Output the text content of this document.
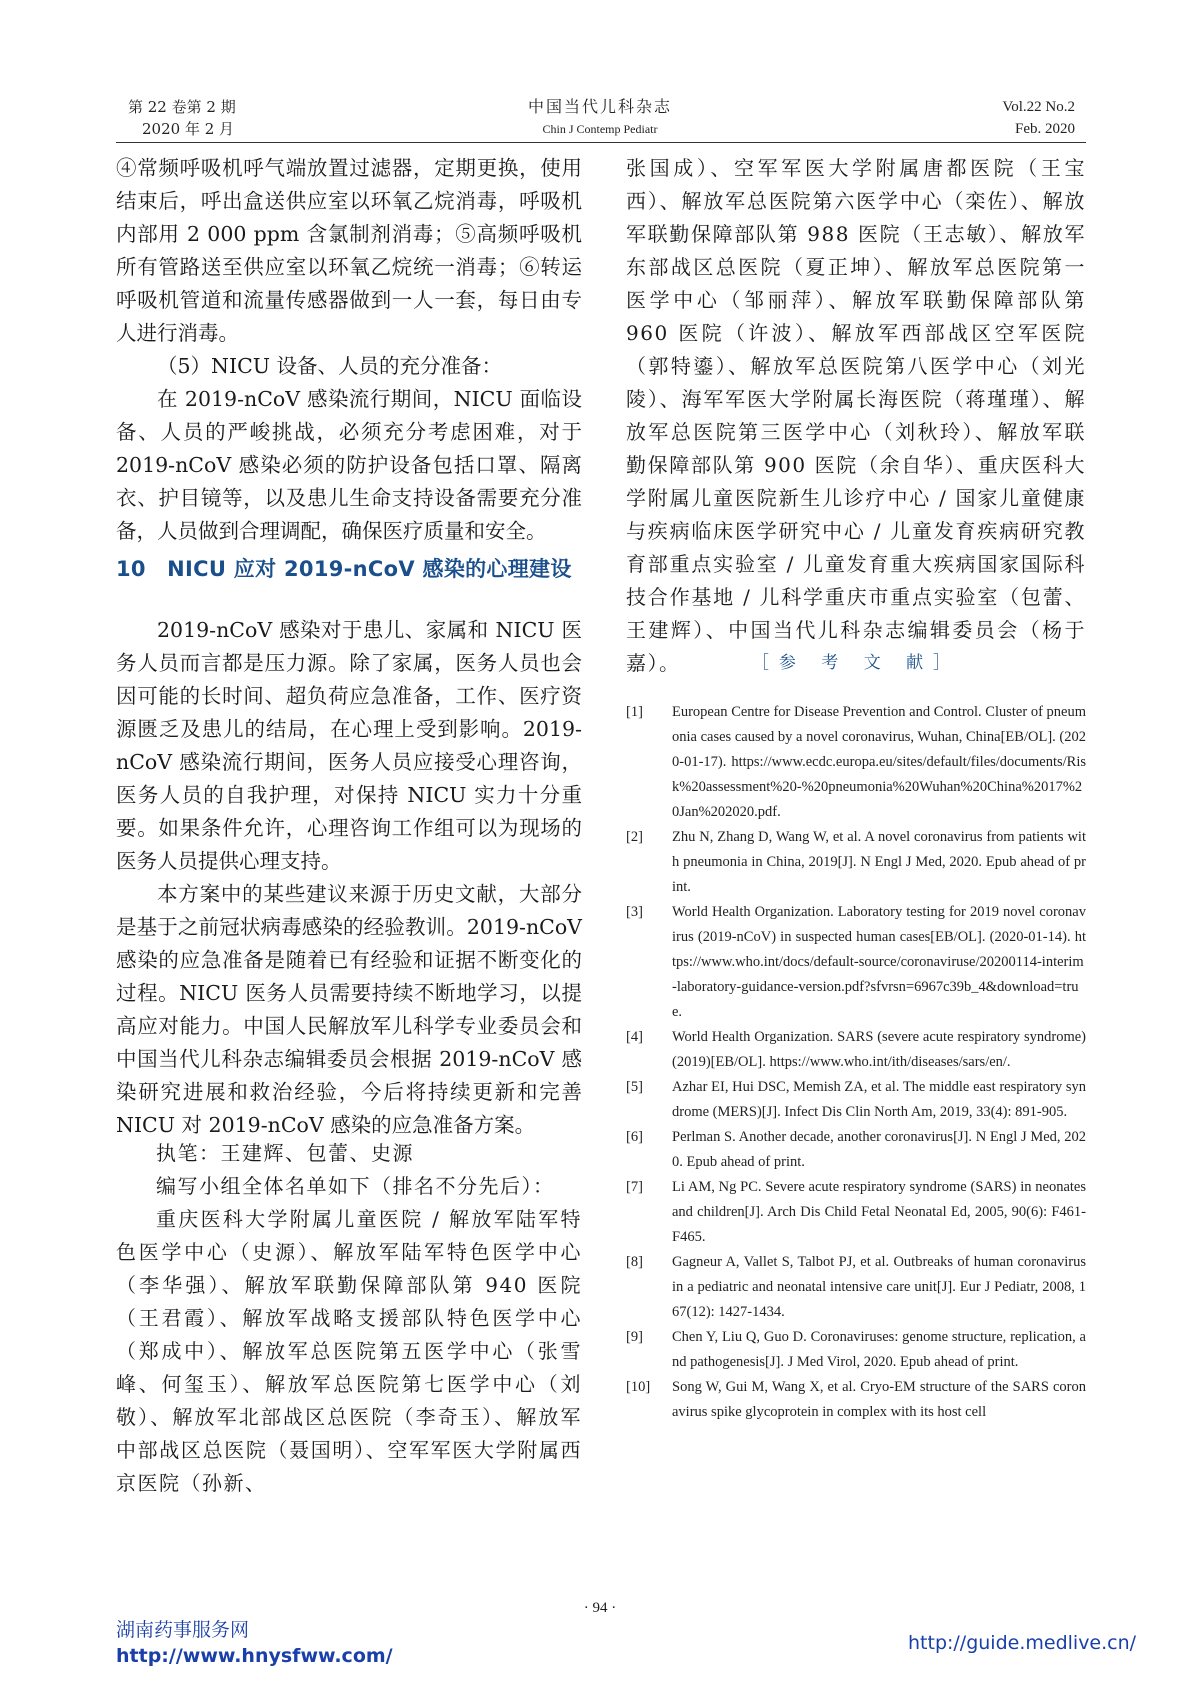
第 22 卷第 2 期
2020 年 2 月
中国当代儿科杂志
Chin J Contemp Pediatr
Vol.22 No.2
Feb. 2020

④常频呼吸机呼气端放置过滤器，定期更换，使用结束后，呼出盒送供应室以环氧乙烷消毒，呼吸机内部用 2 000 ppm 含氯制剂消毒；⑤高频呼吸机所有管路送至供应室以环氧乙烷统一消毒；⑥转运呼吸机管道和流量传感器做到一人一套，每日由专人进行消毒。

（5）NICU 设备、人员的充分准备：

在 2019-nCoV 感染流行期间，NICU 面临设备、人员的严峻挑战，必须充分考虑困难，对于 2019-nCoV 感染必须的防护设备包括口罩、隔离衣、护目镜等，以及患儿生命支持设备需要充分准备，人员做到合理调配，确保医疗质量和安全。

10　NICU 应对 2019-nCoV 感染的心理建设

2019-nCoV 感染对于患儿、家属和 NICU 医务人员而言都是压力源。除了家属，医务人员也会因可能的长时间、超负荷应急准备，工作、医疗资源匮乏及患儿的结局，在心理上受到影响。2019-nCoV 感染流行期间，医务人员应接受心理咨询，医务人员的自我护理，对保持 NICU 实力十分重要。如果条件允许，心理咨询工作组可以为现场的医务人员提供心理支持。

本方案中的某些建议来源于历史文献，大部分是基于之前冠状病毒感染的经验教训。2019-nCoV 感染的应急准备是随着已有经验和证据不断变化的过程。NICU 医务人员需要持续不断地学习，以提高应对能力。中国人民解放军儿科学专业委员会和中国当代儿科杂志编辑委员会根据 2019-nCoV 感染研究进展和救治经验，今后将持续更新和完善 NICU 对 2019-nCoV 感染的应急准备方案。

执笔：王建辉、包蕾、史源

编写小组全体名单如下（排名不分先后）：

重庆医科大学附属儿童医院 / 解放军陆军特色医学中心（史源）、解放军陆军特色医学中心（李华强）、解放军联勤保障部队第 940 医院（王君霞）、解放军战略支援部队特色医学中心（郑成中）、解放军总医院第五医学中心（张雪峰、何玺玉）、解放军总医院第七医学中心（刘敬）、解放军北部战区总医院（李奇玉）、解放军中部战区总医院（聂国明）、空军军医大学附属西京医院（孙新、

张国成）、空军军医大学附属唐都医院（王宝西）、解放军总医院第六医学中心（栾佐）、解放军联勤保障部队第 988 医院（王志敏）、解放军东部战区总医院（夏正坤）、解放军总医院第一医学中心（邹丽萍）、解放军联勤保障部队第 960 医院（许波）、解放军西部战区空军医院（郭特鎏）、解放军总医院第八医学中心（刘光陵）、海军军医大学附属长海医院（蒋瑾瑾）、解放军总医院第三医学中心（刘秋玲）、解放军联勤保障部队第 900 医院（余自华）、重庆医科大学附属儿童医院新生儿诊疗中心 / 国家儿童健康与疾病临床医学研究中心 / 儿童发育疾病研究教育部重点实验室 / 儿童发育重大疾病国家国际科技合作基地 / 儿科学重庆市重点实验室（包蕾、王建辉）、中国当代儿科杂志编辑委员会（杨于嘉）。	［参 考 文 献］
[1]	European Centre for Disease Prevention and Control. Cluster of pneumonia cases caused by a novel coronavirus, Wuhan, China[EB/OL]. (2020-01-17). https://www.ecdc.europa.eu/sites/default/files/documents/Risk%20assessment%20-%20pneumonia%20Wuhan%20China%2017%20Jan%202020.pdf.
[2]	Zhu N, Zhang D, Wang W, et al. A novel coronavirus from patients with pneumonia in China, 2019[J]. N Engl J Med, 2020. Epub ahead of print.
[3]	World Health Organization. Laboratory testing for 2019 novel coronavirus (2019-nCoV) in suspected human cases[EB/OL]. (2020-01-14). https://www.who.int/docs/default-source/coronaviruse/20200114-interim-laboratory-guidance-version.pdf?sfvrsn=6967c39b_4&download=true.
[4]	World Health Organization. SARS (severe acute respiratory syndrome) (2019)[EB/OL]. https://www.who.int/ith/diseases/sars/en/.
[5]	Azhar EI, Hui DSC, Memish ZA, et al. The middle east respiratory syndrome (MERS)[J]. Infect Dis Clin North Am, 2019, 33(4): 891-905.
[6]	Perlman S. Another decade, another coronavirus[J]. N Engl J Med, 2020. Epub ahead of print.
[7]	Li AM, Ng PC. Severe acute respiratory syndrome (SARS) in neonates and children[J]. Arch Dis Child Fetal Neonatal Ed, 2005, 90(6): F461-F465.
[8]	Gagneur A, Vallet S, Talbot PJ, et al. Outbreaks of human coronavirus in a pediatric and neonatal intensive care unit[J]. Eur J Pediatr, 2008, 167(12): 1427-1434.
[9]	Chen Y, Liu Q, Guo D. Coronaviruses: genome structure, replication, and pathogenesis[J]. J Med Virol, 2020. Epub ahead of print.
[10]	Song W, Gui M, Wang X, et al. Cryo-EM structure of the SARS coronavirus spike glycoprotein in complex with its host cell
· 94 ·
湖南药事服务网
http://www.hnysfww.com/
http://guide.medlive.cn/
